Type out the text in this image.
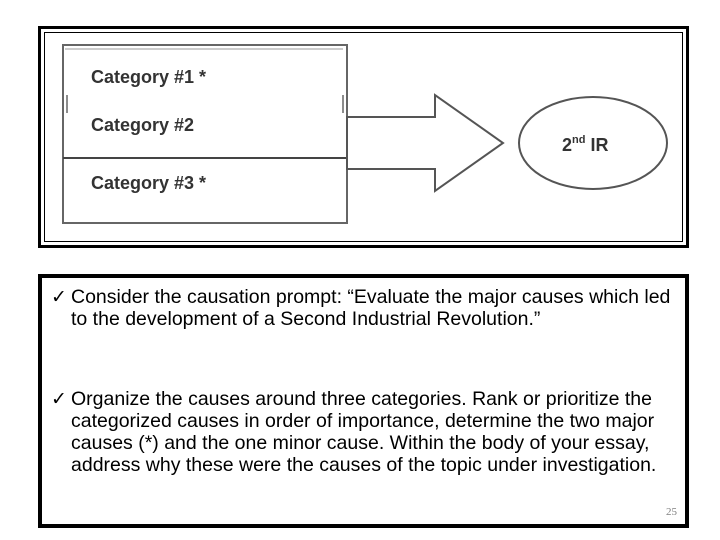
Category #1 *
Category #2
Category #3 *
2nd IR
✓ Consider the causation prompt: “Evaluate the major causes which led to the development of a Second Industrial Revolution.”
✓ Organize the causes around three categories. Rank or prioritize the categorized causes in order of importance, determine the two major causes (*) and the one minor cause. Within the body of your essay, address why these were the causes of the topic under investigation.
25
